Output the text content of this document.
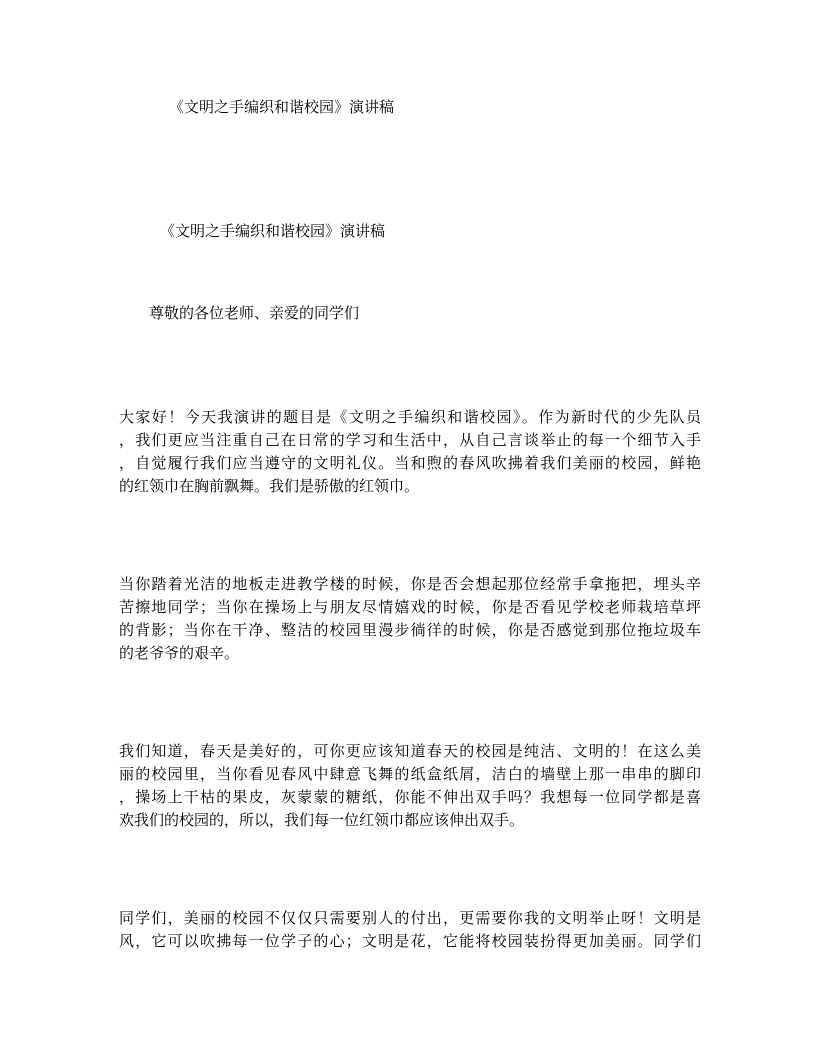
《文明之手编织和谐校园》演讲稿
《文明之手编织和谐校园》演讲稿
尊敬的各位老师、亲爱的同学们
大家好！今天我演讲的题目是《文明之手编织和谐校园》。作为新时代的少先队员
，我们更应当注重自己在日常的学习和生活中，从自己言谈举止的每一个细节入手
，自觉履行我们应当遵守的文明礼仪。当和煦的春风吹拂着我们美丽的校园，鲜艳
的红领巾在胸前飘舞。我们是骄傲的红领巾。
当你踏着光洁的地板走进教学楼的时候，你是否会想起那位经常手拿拖把，埋头辛
苦擦地同学；当你在操场上与朋友尽情嬉戏的时候，你是否看见学校老师栽培草坪
的背影；当你在干净、整洁的校园里漫步徜徉的时候，你是否感觉到那位拖垃圾车
的老爷爷的艰辛。
我们知道，春天是美好的，可你更应该知道春天的校园是纯洁、文明的！在这么美
丽的校园里，当你看见春风中肆意飞舞的纸盒纸屑，洁白的墙壁上那一串串的脚印
，操场上干枯的果皮，灰蒙蒙的糖纸，你能不伸出双手吗？我想每一位同学都是喜
欢我们的校园的，所以，我们每一位红领巾都应该伸出双手。
同学们，美丽的校园不仅仅只需要别人的付出，更需要你我的文明举止呀！文明是
风，它可以吹拂每一位学子的心；文明是花，它能将校园装扮得更加美丽。同学们
